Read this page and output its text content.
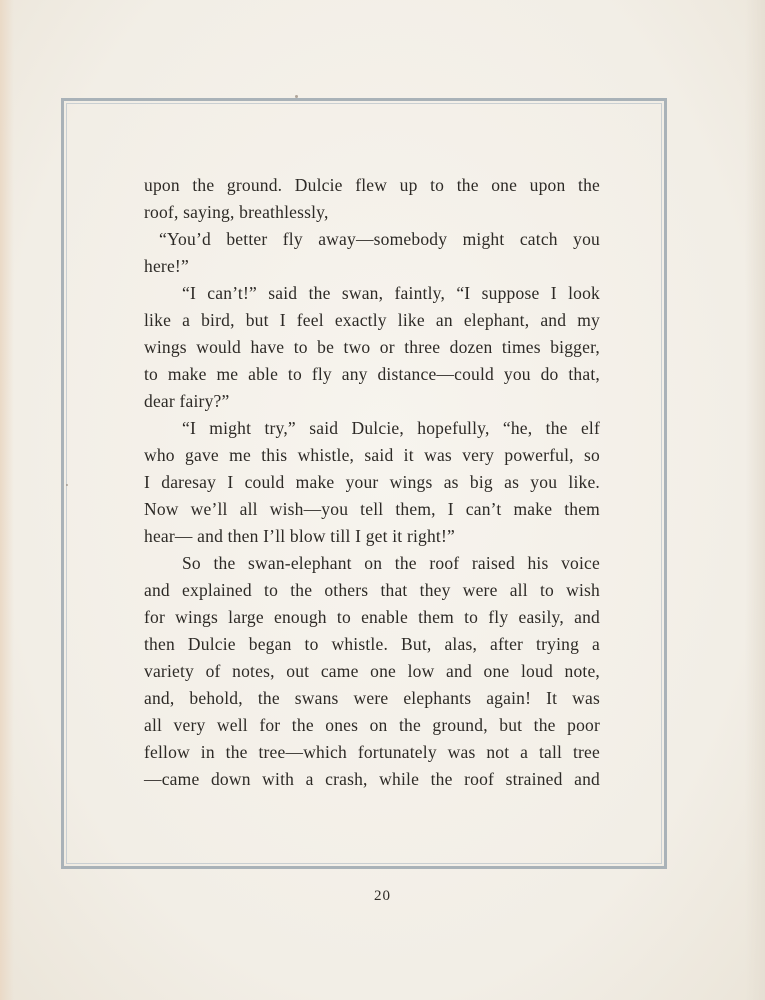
upon the ground. Dulcie flew up to the one upon the
roof, saying, breathlessly,
“You’d better fly away—somebody might catch you
here!”
“I can’t!” said the swan, faintly, “I suppose I look
like a bird, but I feel exactly like an elephant, and my
wings would have to be two or three dozen times bigger,
to make me able to fly any distance—could you do that,
dear fairy?”
“I might try,” said Dulcie, hopefully, “he, the elf
who gave me this whistle, said it was very powerful, so
I daresay I could make your wings as big as you like.
Now we’ll all wish—you tell them, I can’t make them
hear— and then I’ll blow till I get it right!”
So the swan-elephant on the roof raised his voice
and explained to the others that they were all to wish
for wings large enough to enable them to fly easily, and
then Dulcie began to whistle. But, alas, after trying a
variety of notes, out came one low and one loud note,
and, behold, the swans were elephants again! It was
all very well for the ones on the ground, but the poor
fellow in the tree—which fortunately was not a tall tree
—came down with a crash, while the roof strained and
20
